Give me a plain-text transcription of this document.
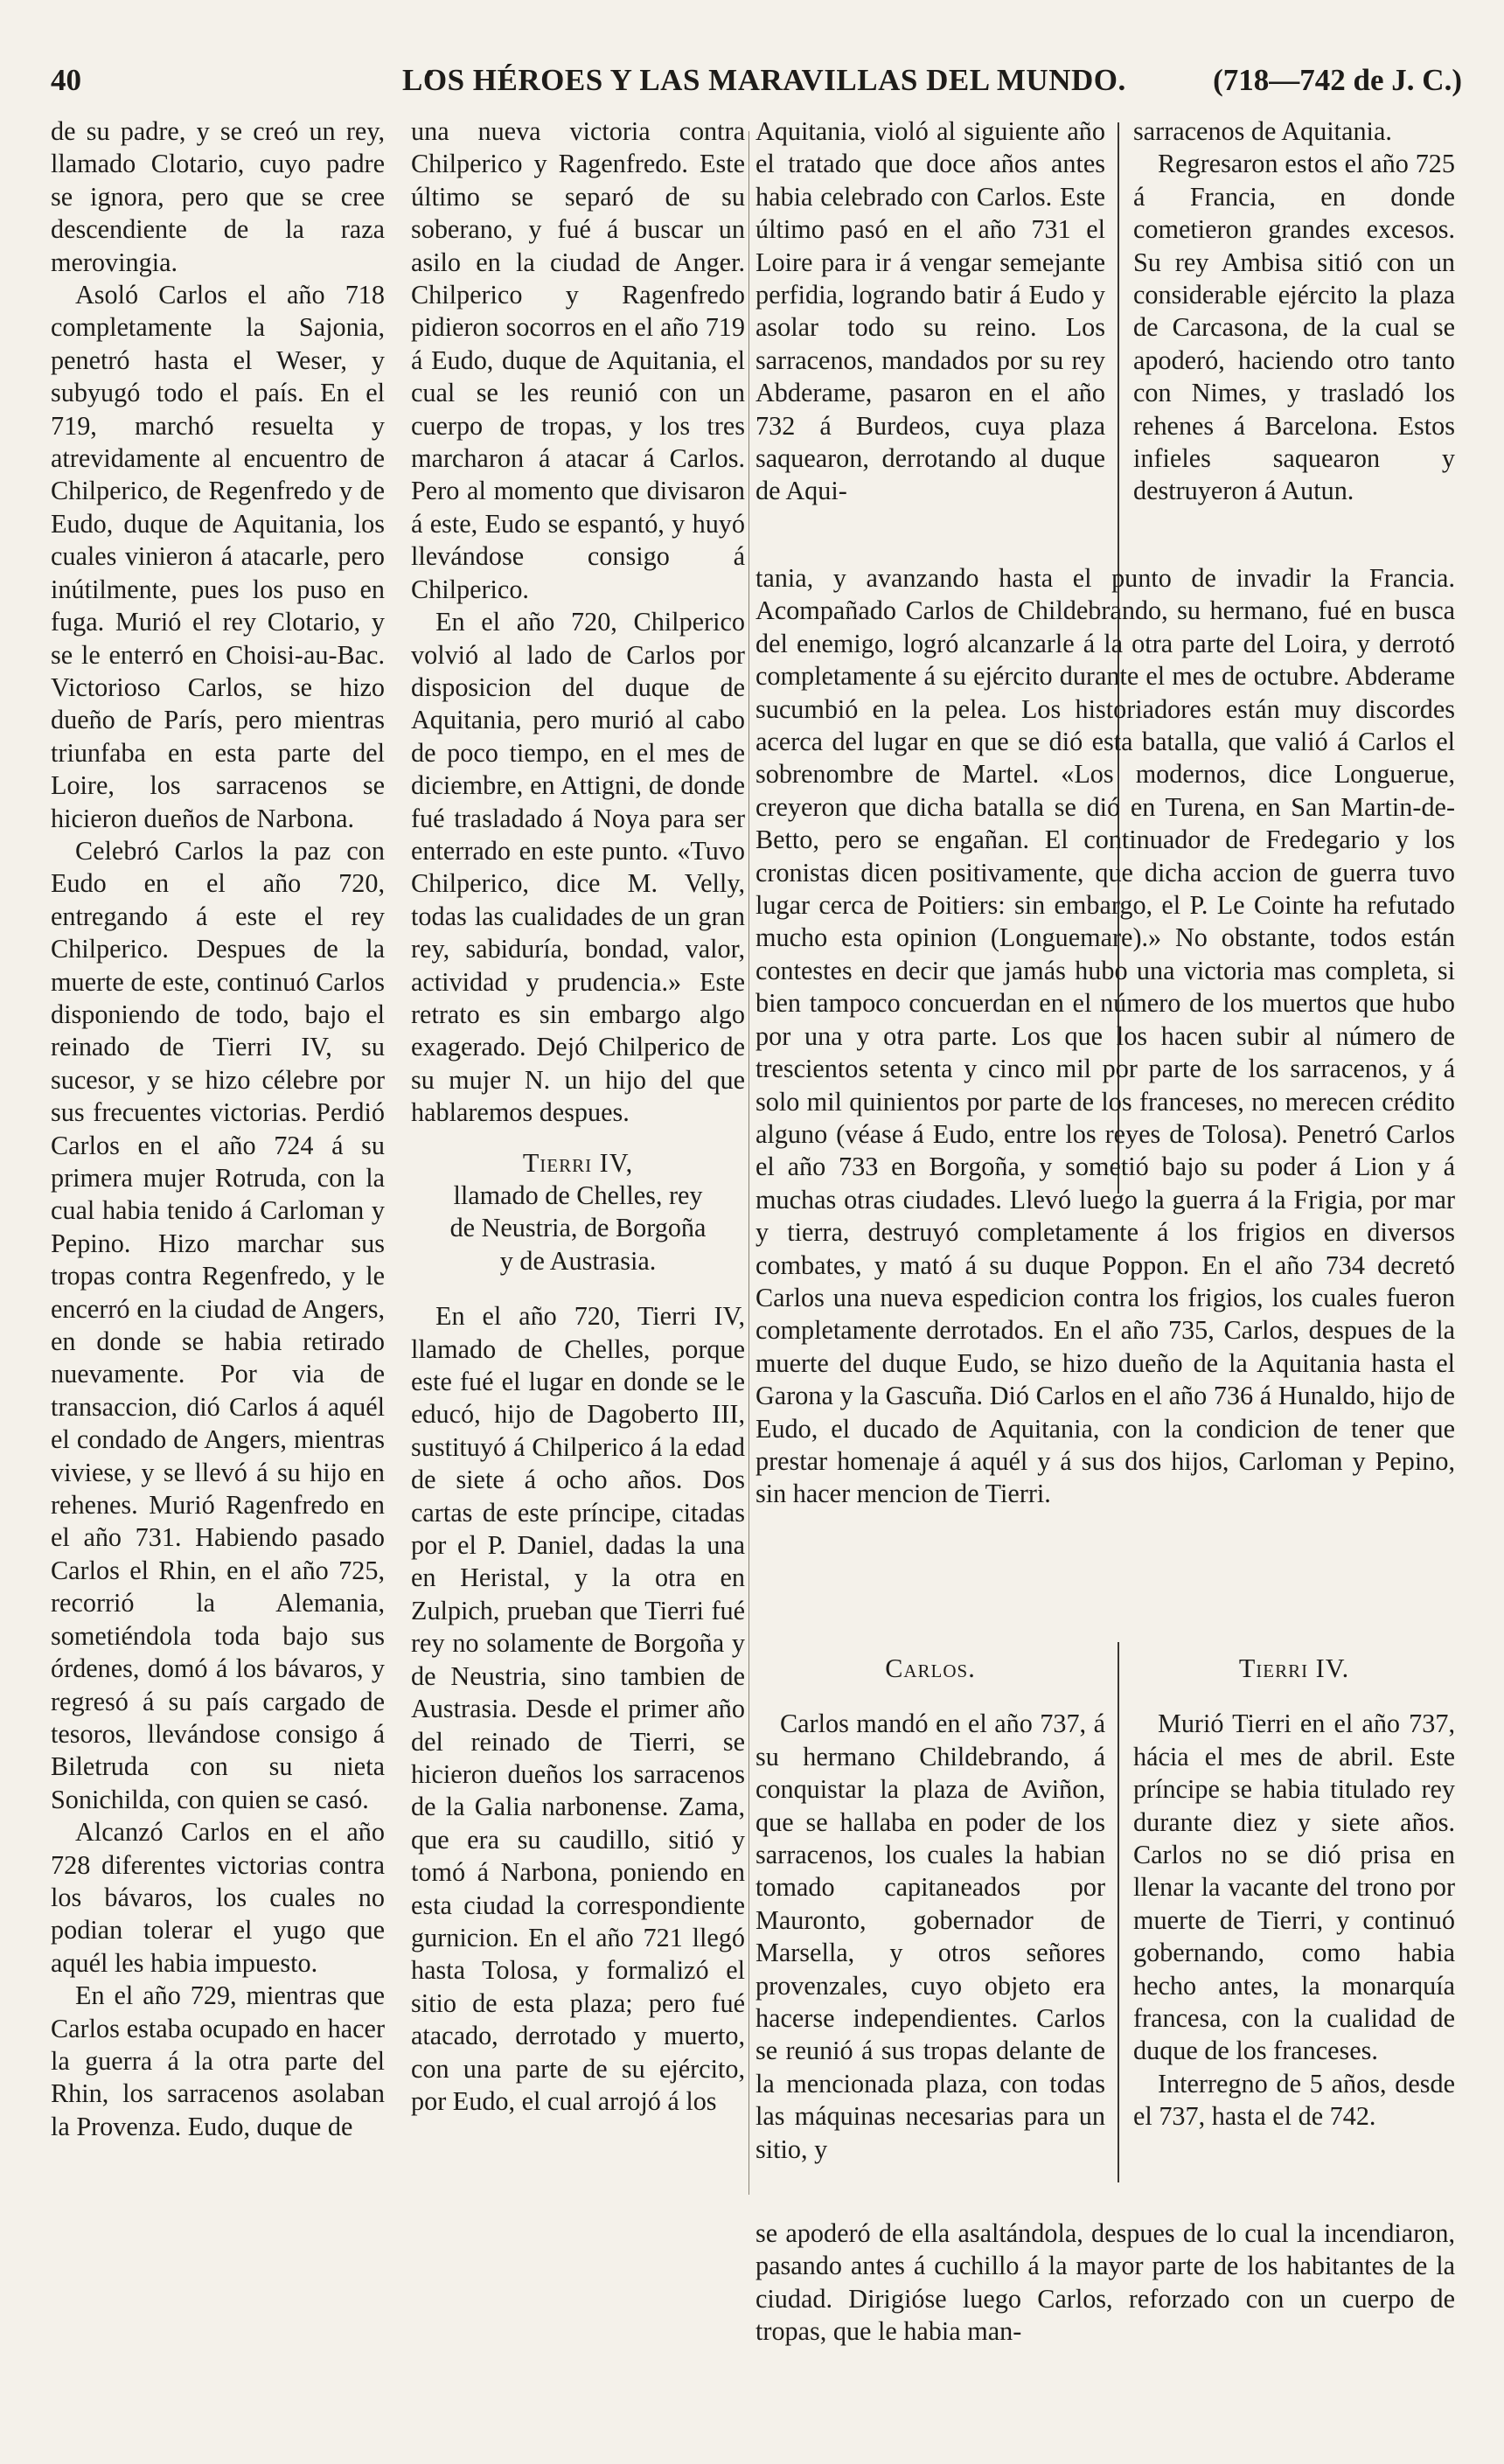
40	LOS HÉROES Y LAS MARAVILLAS DEL MUNDO.	(718—742 de J. C.)

de su padre, y se creó un rey, llamado Clotario, cuyo padre se ignora, pero que se cree descendiente de la raza merovingia.

Asoló Carlos el año 718 completamente la Sajonia, penetró hasta el Weser, y subyugó todo el país. En el 719, marchó resuelta y atrevidamente al encuentro de Chilperico, de Regenfredo y de Eudo, duque de Aquitania, los cuales vinieron á atacarle, pero inútilmente, pues los puso en fuga. Murió el rey Clotario, y se le enterró en Choisi-au-Bac. Victorioso Carlos, se hizo dueño de París, pero mientras triunfaba en esta parte del Loire, los sarracenos se hicieron dueños de Narbona.

Celebró Carlos la paz con Eudo en el año 720, entregando á este el rey Chilperico. Despues de la muerte de este, continuó Carlos disponiendo de todo, bajo el reinado de Tierri IV, su sucesor, y se hizo célebre por sus frecuentes victorias. Perdió Carlos en el año 724 á su primera mujer Rotruda, con la cual habia tenido á Carloman y Pepino. Hizo marchar sus tropas contra Regenfredo, y le encerró en la ciudad de Angers, en donde se habia retirado nuevamente. Por via de transaccion, dió Carlos á aquél el condado de Angers, mientras viviese, y se llevó á su hijo en rehenes. Murió Ragenfredo en el año 731. Habiendo pasado Carlos el Rhin, en el año 725, recorrió la Alemania, sometiéndola toda bajo sus órdenes, domó á los bávaros, y regresó á su país cargado de tesoros, llevándose consigo á Biletruda con su nieta Sonichilda, con quien se casó.

Alcanzó Carlos en el año 728 diferentes victorias contra los bávaros, los cuales no podian tolerar el yugo que aquél les habia impuesto.

En el año 729, mientras que Carlos estaba ocupado en hacer la guerra á la otra parte del Rhin, los sarracenos asolaban la Provenza. Eudo, duque de

una nueva victoria contra Chilperico y Ragenfredo. Este último se separó de su soberano, y fué á buscar un asilo en la ciudad de Anger. Chilperico y Ragenfredo pidieron socorros en el año 719 á Eudo, duque de Aquitania, el cual se les reunió con un cuerpo de tropas, y los tres marcharon á atacar á Carlos. Pero al momento que divisaron á este, Eudo se espantó, y huyó llevándose consigo á Chilperico.

En el año 720, Chilperico volvió al lado de Carlos por disposicion del duque de Aquitania, pero murió al cabo de poco tiempo, en el mes de diciembre, en Attigni, de donde fué trasladado á Noya para ser enterrado en este punto. «Tuvo Chilperico, dice M. Velly, todas las cualidades de un gran rey, sabiduría, bondad, valor, actividad y prudencia.» Este retrato es sin embargo algo exagerado. Dejó Chilperico de su mujer N. un hijo del que hablaremos despues.

Tierri IV,

llamado de Chelles, rey

de Neustria, de Borgoña

y de Austrasia.

En el año 720, Tierri IV, llamado de Chelles, porque este fué el lugar en donde se le educó, hijo de Dagoberto III, sustituyó á Chilperico á la edad de siete á ocho años. Dos cartas de este príncipe, citadas por el P. Daniel, dadas la una en Heristal, y la otra en Zulpich, prueban que Tierri fué rey no solamente de Borgoña y de Neustria, sino tambien de Austrasia. Desde el primer año del reinado de Tierri, se hicieron dueños los sarracenos de la Galia narbonense. Zama, que era su caudillo, sitió y tomó á Narbona, poniendo en esta ciudad la correspondiente gurnicion. En el año 721 llegó hasta Tolosa, y formalizó el sitio de esta plaza; pero fué atacado, derrotado y muerto, con una parte de su ejército, por Eudo, el cual arrojó á los

Aquitania, violó al siguiente año el tratado que doce años antes habia celebrado con Carlos. Este último pasó en el año 731 el Loire para ir á vengar semejante perfidia, logrando batir á Eudo y asolar todo su reino. Los sarracenos, mandados por su rey Abderame, pasaron en el año 732 á Burdeos, cuya plaza saquearon, derrotando al duque de Aqui-

sarracenos de Aquitania.

Regresaron estos el año 725 á Francia, en donde cometieron grandes excesos. Su rey Ambisa sitió con un considerable ejército la plaza de Carcasona, de la cual se apoderó, haciendo otro tanto con Nimes, y trasladó los rehenes á Barcelona. Estos infieles saquearon y destruyeron á Autun.

tania, y avanzando hasta el punto de invadir la Francia. Acompañado Carlos de Childebrando, su hermano, fué en busca del enemigo, logró alcanzarle á la otra parte del Loira, y derrotó completamente á su ejército durante el mes de octubre. Abderame sucumbió en la pelea. Los historiadores están muy discordes acerca del lugar en que se dió esta batalla, que valió á Carlos el sobrenombre de Martel. «Los modernos, dice Longuerue, creyeron que dicha batalla se dió en Turena, en San Martin-de-Betto, pero se engañan. El continuador de Fredegario y los cronistas dicen positivamente, que dicha accion de guerra tuvo lugar cerca de Poitiers: sin embargo, el P. Le Cointe ha refutado mucho esta opinion (Longuemare).» No obstante, todos están contestes en decir que jamás hubo una victoria mas completa, si bien tampoco concuerdan en el número de los muertos que hubo por una y otra parte. Los que los hacen subir al número de trescientos setenta y cinco mil por parte de los sarracenos, y á solo mil quinientos por parte de los franceses, no merecen crédito alguno (véase á Eudo, entre los reyes de Tolosa). Penetró Carlos el año 733 en Borgoña, y sometió bajo su poder á Lion y á muchas otras ciudades. Llevó luego la guerra á la Frigia, por mar y tierra, destruyó completamente á los frigios en diversos combates, y mató á su duque Poppon. En el año 734 decretó Carlos una nueva espedicion contra los frigios, los cuales fueron completamente derrotados. En el año 735, Carlos, despues de la muerte del duque Eudo, se hizo dueño de la Aquitania hasta el Garona y la Gascuña. Dió Carlos en el año 736 á Hunaldo, hijo de Eudo, el ducado de Aquitania, con la condicion de tener que prestar homenaje á aquél y á sus dos hijos, Carloman y Pepino, sin hacer mencion de Tierri.

Carlos.

Carlos mandó en el año 737, á su hermano Childebrando, á conquistar la plaza de Aviñon, que se hallaba en poder de los sarracenos, los cuales la habian tomado capitaneados por Mauronto, gobernador de Marsella, y otros señores provenzales, cuyo objeto era hacerse independientes. Carlos se reunió á sus tropas delante de la mencionada plaza, con todas las máquinas necesarias para un sitio, y

Tierri IV.

Murió Tierri en el año 737, hácia el mes de abril. Este príncipe se habia titulado rey durante diez y siete años. Carlos no se dió prisa en llenar la vacante del trono por muerte de Tierri, y continuó gobernando, como habia hecho antes, la monarquía francesa, con la cualidad de duque de los franceses.

Interregno de 5 años, desde el 737, hasta el de 742.

se apoderó de ella asaltándola, despues de lo cual la incendiaron, pasando antes á cuchillo á la mayor parte de los habitantes de la ciudad. Dirigióse luego Carlos, reforzado con un cuerpo de tropas, que le habia man-
